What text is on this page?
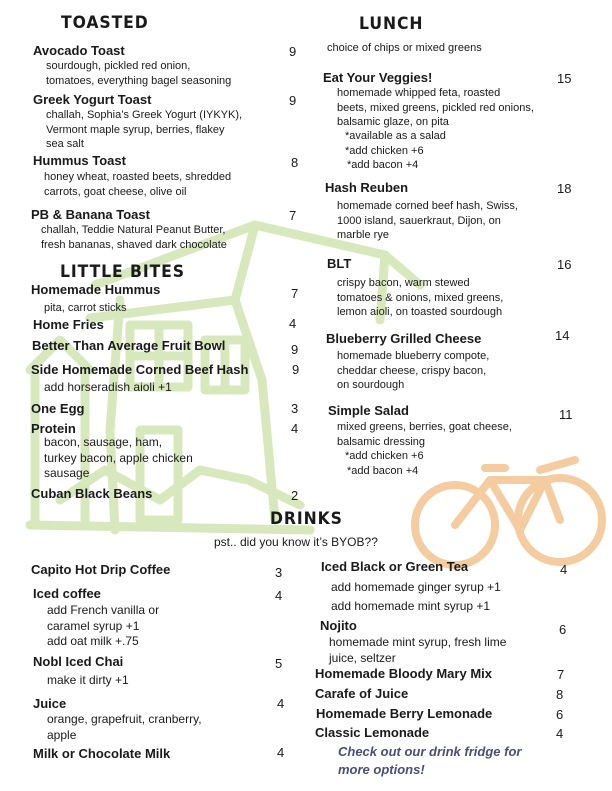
TOASTED
Avocado Toast	9
sourdough, pickled red onion,
tomatoes, everything bagel seasoning
Greek Yogurt Toast	9
challah, Sophia’s Greek Yogurt (IYKYK),
Vermont maple syrup, berries, flakey
sea salt
Hummus Toast	8
honey wheat, roasted beets, shredded
carrots, goat cheese, olive oil
PB & Banana Toast	7
challah, Teddie Natural Peanut Butter,
fresh bananas, shaved dark chocolate
LITTLE BITES
Homemade Hummus	7
pita, carrot sticks
Home Fries	4
Better Than Average Fruit Bowl	9
Side Homemade Corned Beef Hash	9
add horseradish aioli +1
One Egg	3
Protein	4
bacon, sausage, ham,
turkey bacon, apple chicken
sausage
Cuban Black Beans	2
LUNCH
choice of chips or mixed greens
Eat Your Veggies!	15
homemade whipped feta, roasted
beets, mixed greens, pickled red onions,
balsamic glaze, on pita
*available as a salad
*add chicken +6
*add bacon +4
Hash Reuben	18
homemade corned beef hash, Swiss,
1000 island, sauerkraut, Dijon, on
marble rye
BLT	16
crispy bacon, warm stewed
tomatoes & onions, mixed greens,
lemon aioli, on toasted sourdough
Blueberry Grilled Cheese	14
homemade blueberry compote,
cheddar cheese, crispy bacon,
on sourdough
Simple Salad	11
mixed greens, berries, goat cheese,
balsamic dressing
*add chicken +6
*add bacon +4
DRINKS
pst.. did you know it’s BYOB??
Capito Hot Drip Coffee	3
Iced coffee	4
add French vanilla or
caramel syrup +1
add oat milk +.75
Nobl Iced Chai	5
make it dirty +1
Juice	4
orange, grapefruit, cranberry,
apple
Milk or Chocolate Milk	4
Iced Black or Green Tea	4
add homemade ginger syrup +1
add homemade mint syrup +1
Nojito	6
homemade mint syrup, fresh lime
juice, seltzer
Homemade Bloody Mary Mix	7
Carafe of Juice	8
Homemade Berry Lemonade	6
Classic Lemonade	4
Check out our drink fridge for
more options!
